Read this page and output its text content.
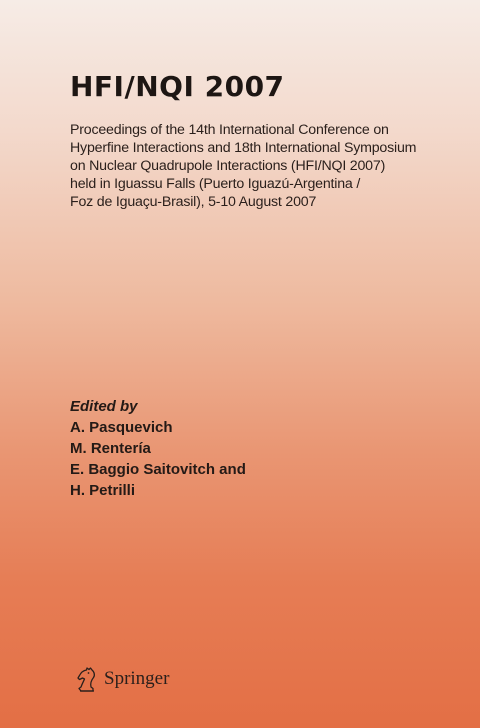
HFI/NQI 2007

Proceedings of the 14th International Conference on
Hyperfine Interactions and 18th International Symposium
on Nuclear Quadrupole Interactions (HFI/NQI 2007)
held in Iguassu Falls (Puerto Iguazú-Argentina /
Foz de Iguaçu-Brasil), 5-10 August 2007

Edited by
A. Pasquevich
M. Rentería
E. Baggio Saitovitch and
H. Petrilli
Springer
